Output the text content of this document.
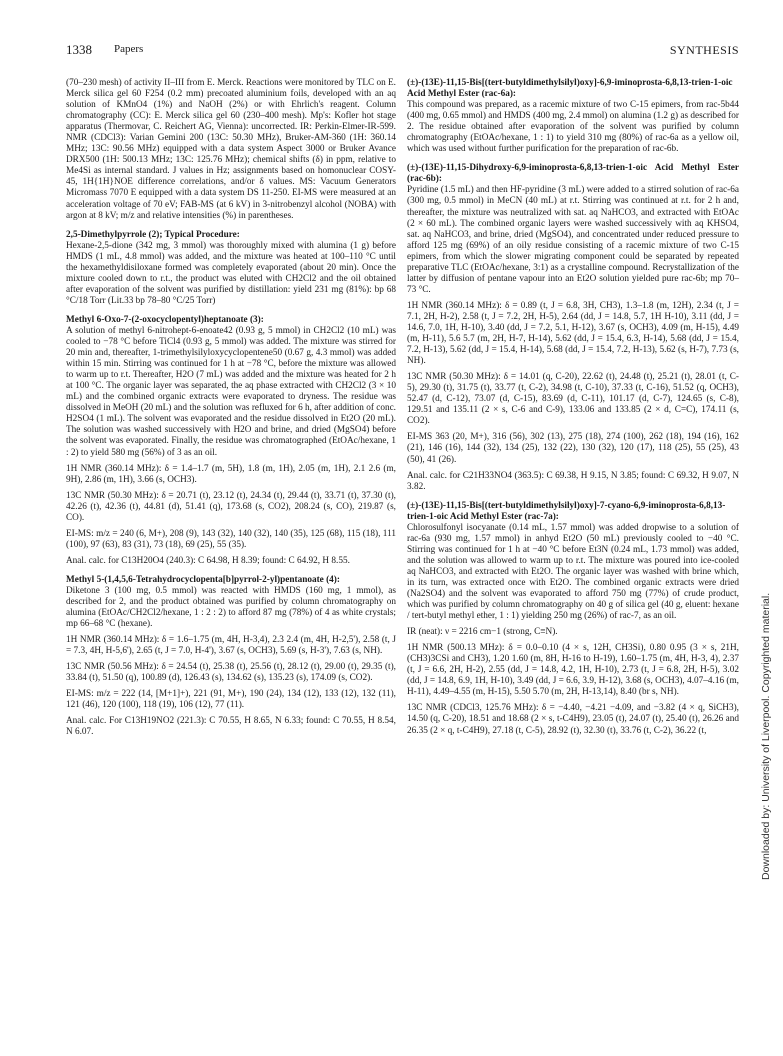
1338 Papers	SYNTHESIS

(70–230 mesh) of activity II–III from E. Merck. Reactions were monitored by TLC on E. Merck silica gel 60 F254 (0.2 mm) precoated aluminium foils, developed with an aq solution of KMnO4 (1%) and NaOH (2%) or with Ehrlich's reagent. Column chromatography (CC): E. Merck silica gel 60 (230–400 mesh). Mp's: Kofler hot stage apparatus (Thermovar, C. Reichert AG, Vienna): uncorrected. IR: Perkin-Elmer-IR-599. NMR (CDCl3): Varian Gemini 200 (13C: 50.30 MHz), Bruker-AM-360 (1H: 360.14 MHz; 13C: 90.56 MHz) equipped with a data system Aspect 3000 or Bruker Avance DRX500 (1H: 500.13 MHz; 13C: 125.76 MHz); chemical shifts (δ) in ppm, relative to Me4Si as internal standard. J values in Hz; assignments based on homonuclear COSY-45, 1H{1H}NOE difference correlations, and/or δ values. MS: Vacuum Generators Micromass 7070 E equipped with a data system DS 11-250. EI-MS were measured at an acceleration voltage of 70 eV; FAB-MS (at 6 kV) in 3-nitrobenzyl alcohol (NOBA) with argon at 8 kV; m/z and relative intensities (%) in parentheses.

2,5-Dimethylpyrrole (2); Typical Procedure:

Hexane-2,5-dione (342 mg, 3 mmol) was thoroughly mixed with alumina (1 g) before HMDS (1 mL, 4.8 mmol) was added, and the mixture was heated at 100–110 °C until the hexamethyldisiloxane formed was completely evaporated (about 20 min). Once the mixture cooled down to r.t., the product was eluted with CH2Cl2 and the oil obtained after evaporation of the solvent was purified by distillation: yield 231 mg (81%): bp 68 °C/18 Torr (Lit.33 bp 78–80 °C/25 Torr)

Methyl 6-Oxo-7-(2-oxocyclopentyl)heptanoate (3):

A solution of methyl 6-nitrohept-6-enoate42 (0.93 g, 5 mmol) in CH2Cl2 (10 mL) was cooled to −78 °C before TiCl4 (0.93 g, 5 mmol) was added. The mixture was stirred for 20 min and, thereafter, 1-trimethylsilyloxycyclopentene50 (0.67 g, 4.3 mmol) was added within 15 min. Stirring was continued for 1 h at −78 °C, before the mixture was allowed to warm up to r.t. Thereafter, H2O (7 mL) was added and the mixture was heated for 2 h at 100 °C. The organic layer was separated, the aq phase extracted with CH2Cl2 (3 × 10 mL) and the combined organic extracts were evaporated to dryness. The residue was dissolved in MeOH (20 mL) and the solution was refluxed for 6 h, after addition of conc. H2SO4 (1 mL). The solvent was evaporated and the residue dissolved in Et2O (20 mL). The solution was washed successively with H2O and brine, and dried (MgSO4) before the solvent was evaporated. Finally, the residue was chromatographed (EtOAc/hexane, 1 : 2) to yield 580 mg (56%) of 3 as an oil.

1H NMR (360.14 MHz): δ = 1.4–1.7 (m, 5H), 1.8 (m, 1H), 2.05 (m, 1H), 2.1 2.6 (m, 9H), 2.86 (m, 1H), 3.66 (s, OCH3).

13C NMR (50.30 MHz): δ = 20.71 (t), 23.12 (t), 24.34 (t), 29.44 (t), 33.71 (t), 37.30 (t), 42.26 (t), 42.36 (t), 44.81 (d), 51.41 (q), 173.68 (s, CO2), 208.24 (s, CO), 219.87 (s, CO).

EI-MS: m/z = 240 (6, M+), 208 (9), 143 (32), 140 (32), 140 (35), 125 (68), 115 (18), 111 (100), 97 (63), 83 (31), 73 (18), 69 (25), 55 (35).

Anal. calc. for C13H20O4 (240.3): C 64.98, H 8.39; found: C 64.92, H 8.55.

Methyl 5-(1,4,5,6-Tetrahydrocyclopenta[b]pyrrol-2-yl)pentanoate (4):

Diketone 3 (100 mg, 0.5 mmol) was reacted with HMDS (160 mg, 1 mmol), as described for 2, and the product obtained was purified by column chromatography on alumina (EtOAc/CH2Cl2/hexane, 1 : 2 : 2) to afford 87 mg (78%) of 4 as white crystals; mp 66–68 °C (hexane).

1H NMR (360.14 MHz): δ = 1.6–1.75 (m, 4H, H-3,4), 2.3 2.4 (m, 4H, H-2,5'), 2.58 (t, J = 7.3, 4H, H-5,6'), 2.65 (t, J = 7.0, H-4'), 3.67 (s, OCH3), 5.69 (s, H-3'), 7.63 (s, NH).

13C NMR (50.56 MHz): δ = 24.54 (t), 25.38 (t), 25.56 (t), 28.12 (t), 29.00 (t), 29.35 (t), 33.84 (t), 51.50 (q), 100.89 (d), 126.43 (s), 134.62 (s), 135.23 (s), 174.09 (s, CO2).

EI-MS: m/z = 222 (14, [M+1]+), 221 (91, M+), 190 (24), 134 (12), 133 (12), 132 (11), 121 (46), 120 (100), 118 (19), 106 (12), 77 (11).

Anal. calc. For C13H19NO2 (221.3): C 70.55, H 8.65, N 6.33; found: C 70.55, H 8.54, N 6.07.

(±)-(13E)-11,15-Bis[(tert-butyldimethylsilyl)oxy]-6,9-iminoprosta-6,8,13-trien-1-oic Acid Methyl Ester (rac-6a):

This compound was prepared, as a racemic mixture of two C-15 epimers, from rac-5b44 (400 mg, 0.65 mmol) and HMDS (400 mg, 2.4 mmol) on alumina (1.2 g) as described for 2. The residue obtained after evaporation of the solvent was purified by column chromatography (EtOAc/hexane, 1 : 1) to yield 310 mg (80%) of rac-6a as a yellow oil, which was used without further purification for the preparation of rac-6b.

(±)-(13E)-11,15-Dihydroxy-6,9-iminoprosta-6,8,13-trien-1-oic Acid Methyl Ester (rac-6b):

Pyridine (1.5 mL) and then HF-pyridine (3 mL) were added to a stirred solution of rac-6a (300 mg, 0.5 mmol) in MeCN (40 mL) at r.t. Stirring was continued at r.t. for 2 h and, thereafter, the mixture was neutralized with sat. aq NaHCO3, and extracted with EtOAc (2 × 60 mL). The combined organic layers were washed successively with aq KHSO4, sat. aq NaHCO3, and brine, dried (MgSO4), and concentrated under reduced pressure to afford 125 mg (69%) of an oily residue consisting of a racemic mixture of two C-15 epimers, from which the slower migrating component could be separated by repeated preparative TLC (EtOAc/hexane, 3:1) as a crystalline compound. Recrystallization of the latter by diffusion of pentane vapour into an Et2O solution yielded pure rac-6b; mp 70–73 °C.

1H NMR (360.14 MHz): δ = 0.89 (t, J = 6.8, 3H, CH3), 1.3–1.8 (m, 12H), 2.34 (t, J = 7.1, 2H, H-2), 2.58 (t, J = 7.2, 2H, H-5), 2.64 (dd, J = 14.8, 5.7, 1H H-10), 3.11 (dd, J = 14.6, 7.0, 1H, H-10), 3.40 (dd, J = 7.2, 5.1, H-12), 3.67 (s, OCH3), 4.09 (m, H-15), 4.49 (m, H-11), 5.6 5.7 (m, 2H, H-7, H-14), 5.62 (dd, J = 15.4, 6.3, H-14), 5.68 (dd, J = 15.4, 7.2, H-13), 5.62 (dd, J = 15.4, H-14), 5.68 (dd, J = 15.4, 7.2, H-13), 5.62 (s, H-7), 7.73 (s, NH).

13C NMR (50.30 MHz): δ = 14.01 (q, C-20), 22.62 (t), 24.48 (t), 25.21 (t), 28.01 (t, C-5), 29.30 (t), 31.75 (t), 33.77 (t, C-2), 34.98 (t, C-10), 37.33 (t, C-16), 51.52 (q, OCH3), 52.47 (d, C-12), 73.07 (d, C-15), 83.69 (d, C-11), 101.17 (d, C-7), 124.65 (s, C-8), 129.51 and 135.11 (2 × s, C-6 and C-9), 133.06 and 133.85 (2 × d, C=C), 174.11 (s, CO2).

EI-MS 363 (20, M+), 316 (56), 302 (13), 275 (18), 274 (100), 262 (18), 194 (16), 162 (21), 146 (16), 144 (32), 134 (25), 132 (22), 130 (32), 120 (17), 118 (25), 55 (25), 43 (50), 41 (26).

Anal. calc. for C21H33NO4 (363.5): C 69.38, H 9.15, N 3.85; found: C 69.32, H 9.07, N 3.82.

(±)-(13E)-11,15-Bis[(tert-butyldimethylsilyl)oxy]-7-cyano-6,9-iminoprosta-6,8,13-trien-1-oic Acid Methyl Ester (rac-7a):

Chlorosulfonyl isocyanate (0.14 mL, 1.57 mmol) was added dropwise to a solution of rac-6a (930 mg, 1.57 mmol) in anhyd Et2O (50 mL) previously cooled to −40 °C. Stirring was continued for 1 h at −40 °C before Et3N (0.24 mL, 1.73 mmol) was added, and the solution was allowed to warm up to r.t. The mixture was poured into ice-cooled aq NaHCO3, and extracted with Et2O. The organic layer was washed with brine which, in its turn, was extracted once with Et2O. The combined organic extracts were dried (Na2SO4) and the solvent was evaporated to afford 750 mg (77%) of crude product, which was purified by column chromatography on 40 g of silica gel (40 g, eluent: hexane / tert-butyl methyl ether, 1 : 1) yielding 250 mg (26%) of rac-7, as an oil.

IR (neat): ν = 2216 cm−1 (strong, C≡N).

1H NMR (500.13 MHz): δ = 0.0–0.10 (4 × s, 12H, CH3Si), 0.80 0.95 (3 × s, 21H, (CH3)3CSi and CH3), 1.20 1.60 (m, 8H, H-16 to H-19), 1.60–1.75 (m, 4H, H-3, 4), 2.37 (t, J = 6.6, 2H, H-2), 2.55 (dd, J = 14.8, 4.2, 1H, H-10), 2.73 (t, J = 6.8, 2H, H-5), 3.02 (dd, J = 14.8, 6.9, 1H, H-10), 3.49 (dd, J = 6.6, 3.9, H-12), 3.68 (s, OCH3), 4.07–4.16 (m, H-11), 4.49–4.55 (m, H-15), 5.50 5.70 (m, 2H, H-13,14), 8.40 (br s, NH).

13C NMR (CDCl3, 125.76 MHz): δ = −4.40, −4.21 −4.09, and −3.82 (4 × q, SiCH3), 14.50 (q, C-20), 18.51 and 18.68 (2 × s, t-C4H9), 23.05 (t), 24.07 (t), 25.40 (t), 26.26 and 26.35 (2 × q, t-C4H9), 27.18 (t, C-5), 28.92 (t), 32.30 (t), 33.76 (t, C-2), 36.22 (t,	Downloaded by: University of Liverpool. Copyrighted material.
